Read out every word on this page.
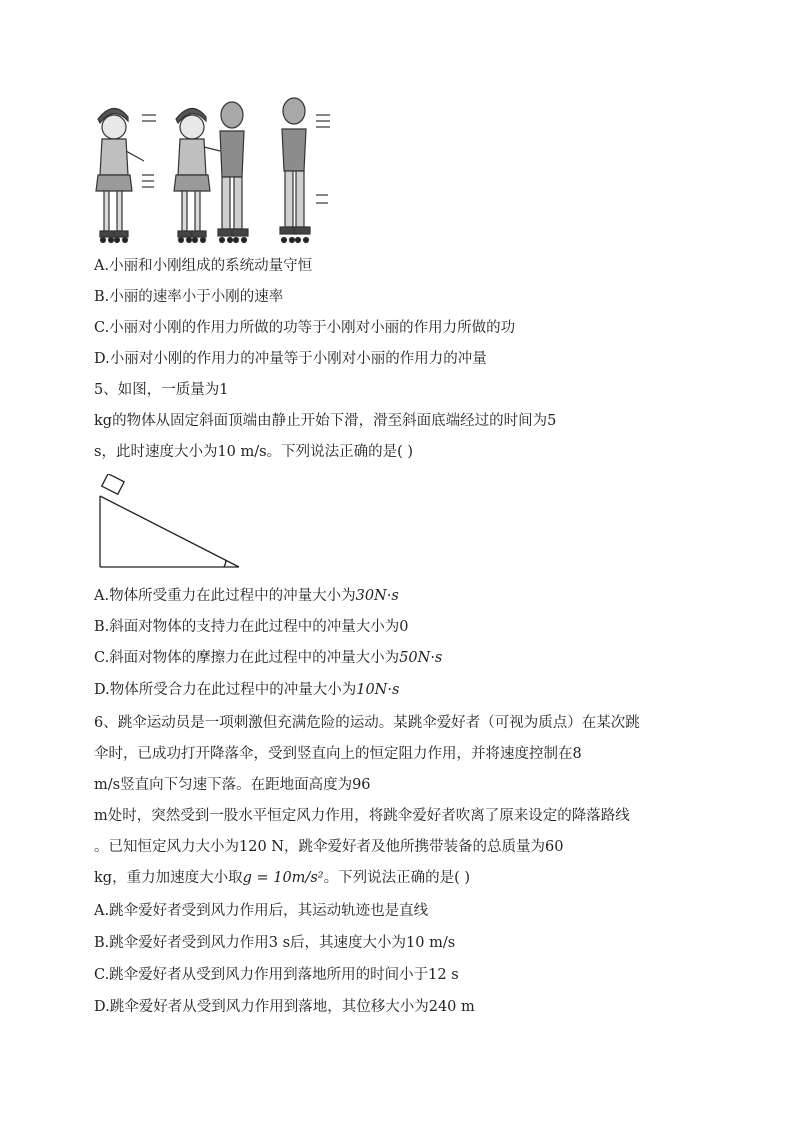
A.小丽和小刚组成的系统动量守恒
B.小丽的速率小于小刚的速率
C.小丽对小刚的作用力所做的功等于小刚对小丽的作用力所做的功
D.小丽对小刚的作用力的冲量等于小刚对小丽的作用力的冲量
5、如图，一质量为1
kg的物体从固定斜面顶端由静止开始下滑，滑至斜面底端经过的时间为5
s，此时速度大小为10 m/s。下列说法正确的是( )
A.物体所受重力在此过程中的冲量大小为30N·s
B.斜面对物体的支持力在此过程中的冲量大小为0
C.斜面对物体的摩擦力在此过程中的冲量大小为50N·s
D.物体所受合力在此过程中的冲量大小为10N·s
6、跳伞运动员是一项刺激但充满危险的运动。某跳伞爱好者（可视为质点）在某次跳
伞时，已成功打开降落伞，受到竖直向上的恒定阻力作用，并将速度控制在8
m/s竖直向下匀速下落。在距地面高度为96
m处时，突然受到一股水平恒定风力作用，将跳伞爱好者吹离了原来设定的降落路线
。已知恒定风力大小为120 N，跳伞爱好者及他所携带装备的总质量为60
kg，重力加速度大小取g = 10m/s²。下列说法正确的是( )
A.跳伞爱好者受到风力作用后，其运动轨迹也是直线
B.跳伞爱好者受到风力作用3 s后，其速度大小为10 m/s
C.跳伞爱好者从受到风力作用到落地所用的时间小于12 s
D.跳伞爱好者从受到风力作用到落地，其位移大小为240 m
